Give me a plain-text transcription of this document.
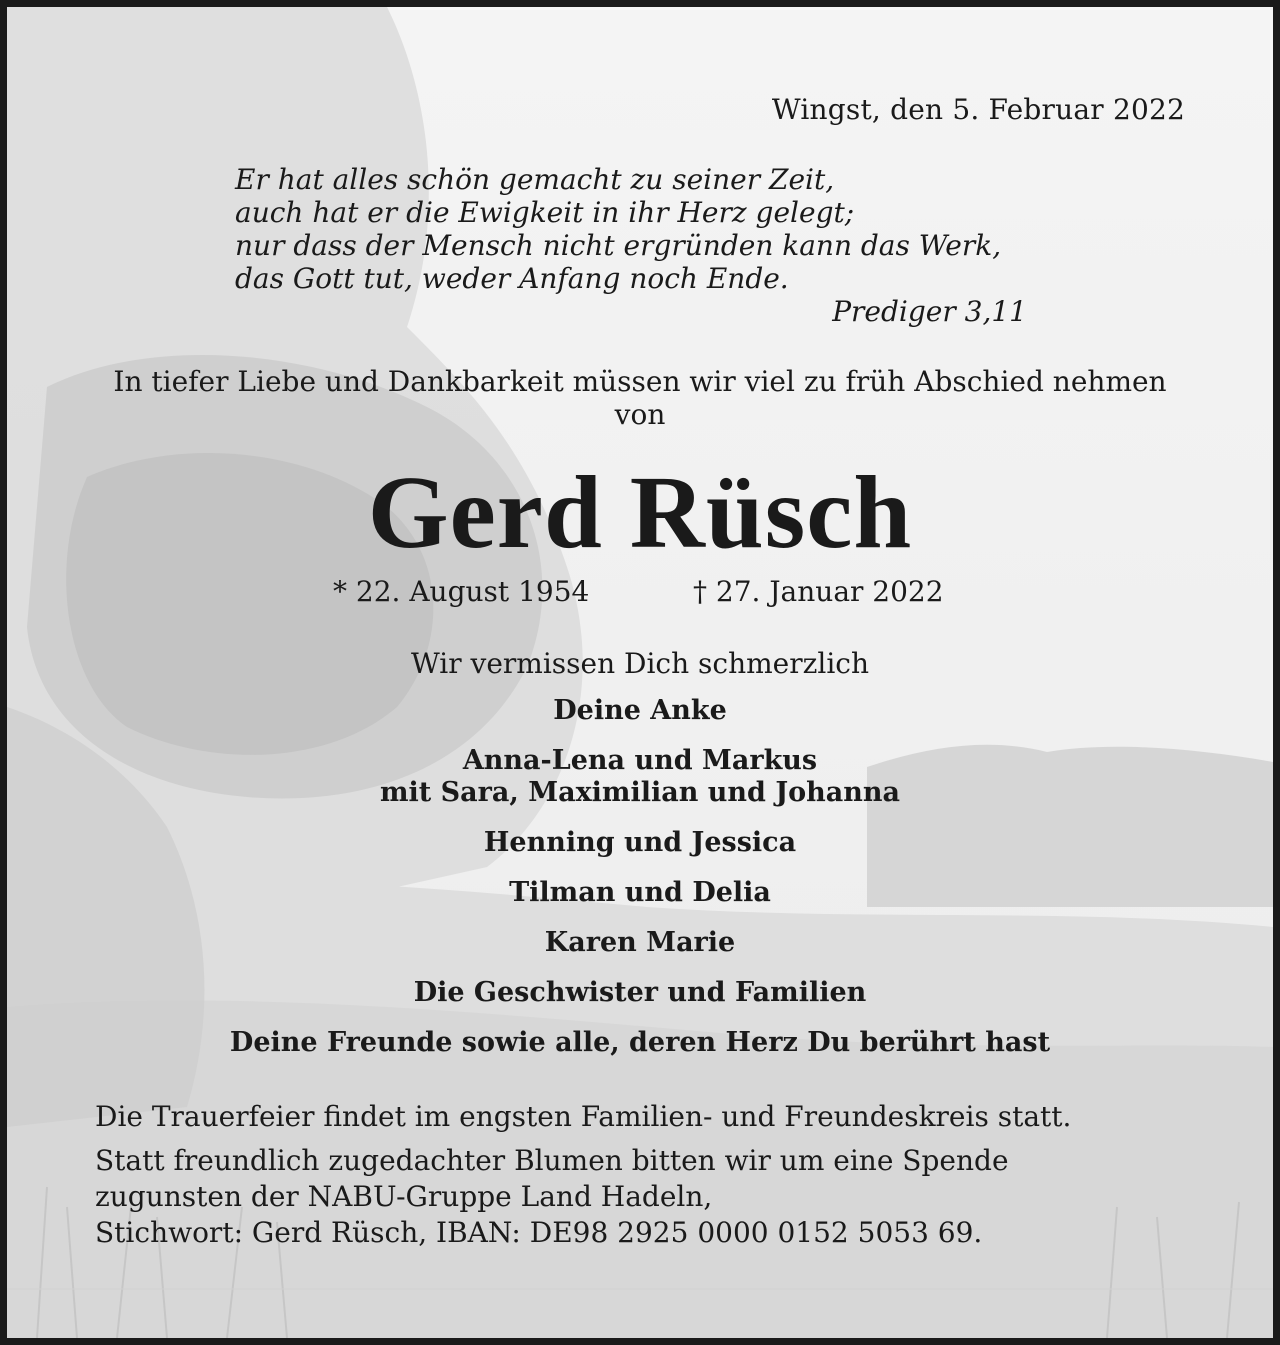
Wingst, den 5. Februar 2022
Er hat alles schön gemacht zu seiner Zeit,
auch hat er die Ewigkeit in ihr Herz gelegt;
nur dass der Mensch nicht ergründen kann das Werk,
das Gott tut, weder Anfang noch Ende.
Prediger 3,11
In tiefer Liebe und Dankbarkeit müssen wir viel zu früh Abschied nehmen
von
Gerd Rüsch
* 22. August 1954	† 27. Januar 2022
Wir vermissen Dich schmerzlich
Deine Anke
Anna-Lena und Markus
mit Sara, Maximilian und Johanna
Henning und Jessica
Tilman und Delia
Karen Marie
Die Geschwister und Familien
Deine Freunde sowie alle, deren Herz Du berührt hast
Die Trauerfeier findet im engsten Familien- und Freundeskreis statt.
Statt freundlich zugedachter Blumen bitten wir um eine Spende
zugunsten der NABU-Gruppe Land Hadeln,
Stichwort: Gerd Rüsch, IBAN: DE98 2925 0000 0152 5053 69.
